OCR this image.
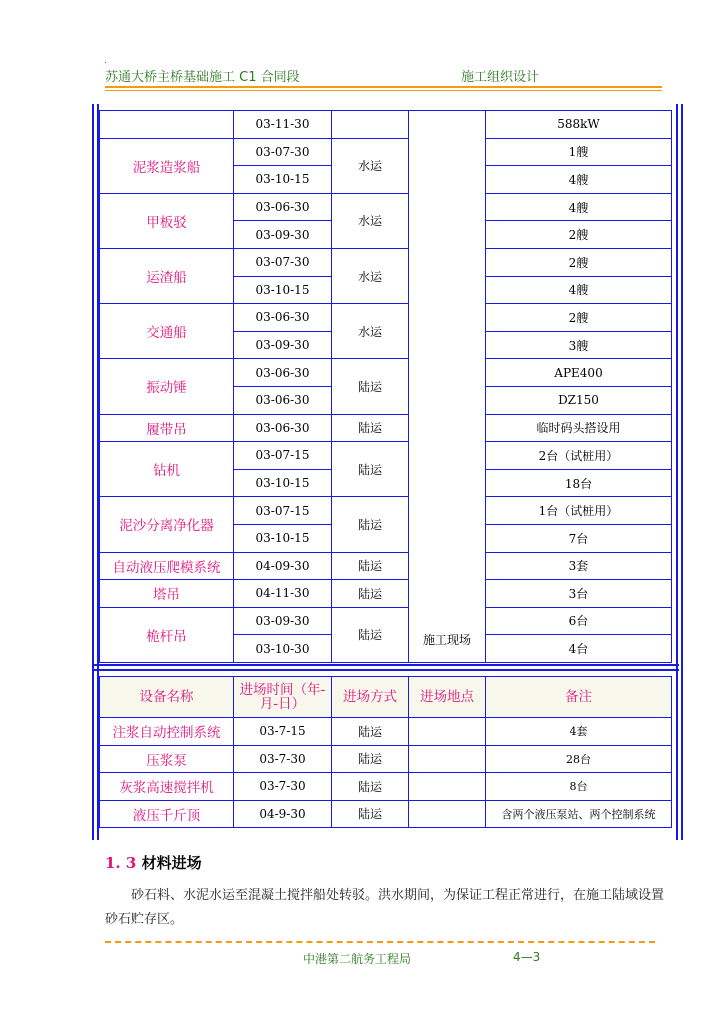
.
苏通大桥主桥基础施工 C1 合同段	施工组织设计
	03-11-30		施工现场	588kW
泥浆造浆船	03-07-30	水运		1艘
	03-10-15			4艘
甲板驳	03-06-30	水运		4艘
	03-09-30			2艘
运渣船	03-07-30	水运		2艘
	03-10-15			4艘
交通船	03-06-30	水运		2艘
	03-09-30			3艘
振动锤	03-06-30	陆运		APE400
	03-06-30			DZ150
履带吊	03-06-30	陆运		临时码头搭设用
钻机	03-07-15	陆运		2台（试桩用）
	03-10-15			18台
泥沙分离净化器	03-07-15	陆运		1台（试桩用）
	03-10-15			7台
自动液压爬模系统	04-09-30	陆运		3套
塔吊	04-11-30	陆运		3台
桅杆吊	03-09-30	陆运		6台
	03-10-30			4台
设备名称	进场时间（年-月-日）	进场方式	进场地点	备注
注浆自动控制系统	03-7-15	陆运		4套
压浆泵	03-7-30	陆运		28台
灰浆高速搅拌机	03-7-30	陆运		8台
液压千斤顶	04-9-30	陆运		含两个液压泵站、两个控制系统
1. 3 材料进场
砂石料、水泥水运至混凝土搅拌船处转驳。洪水期间，为保证工程正常进行，在施工陆域设置砂石贮存区。
中港第二航务工程局	4—3
